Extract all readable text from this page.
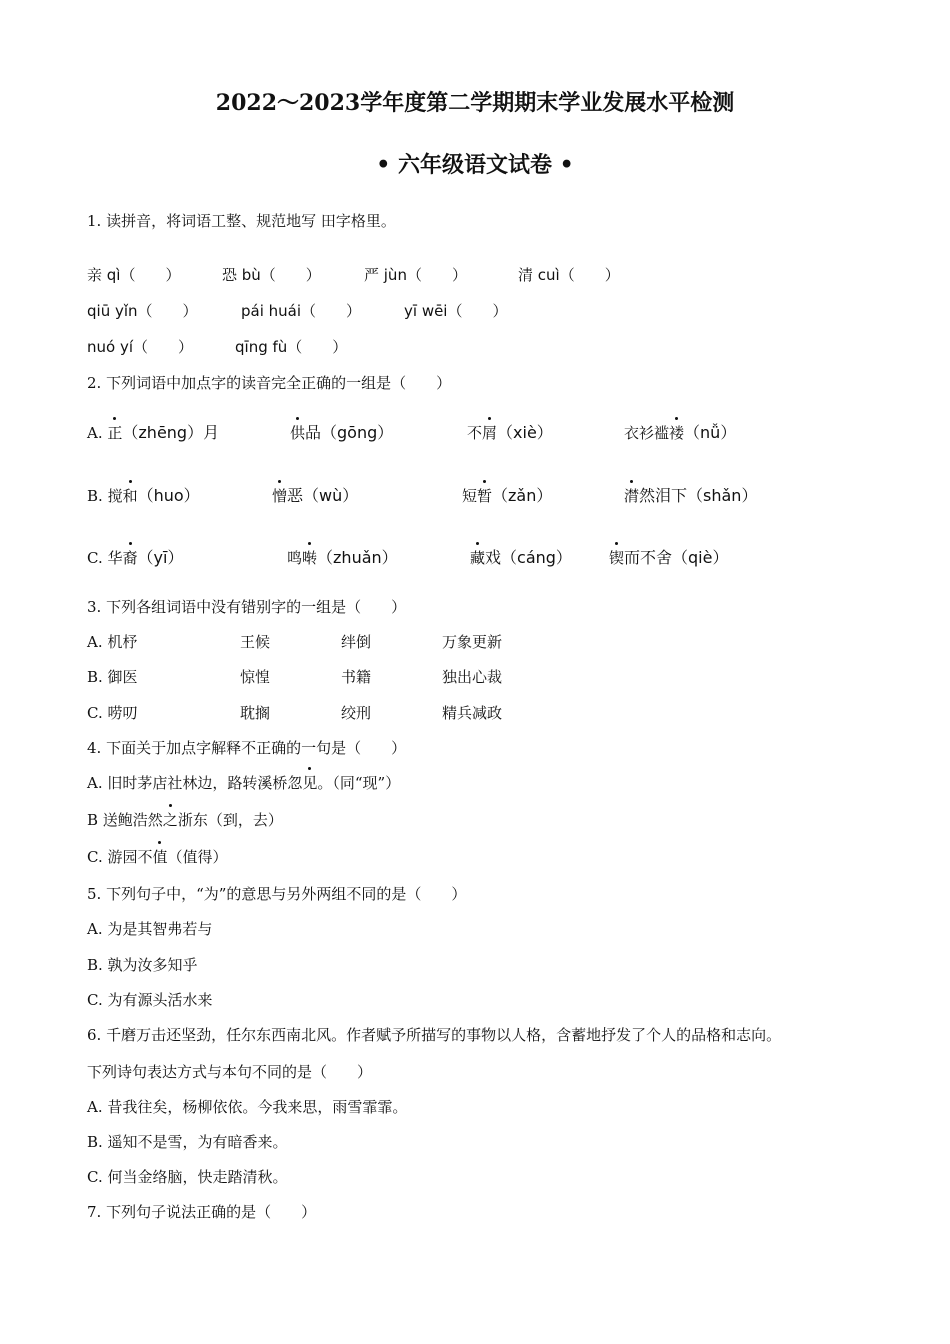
2022～2023学年度第二学期期末学业发展水平检测
• 六年级语文试卷 •
1. 读拼音，将词语工整、规范地写 田字格里。
亲 qì（　　）	恐 bù（　　）	严 jùn（　　）	清 cuì（　　）
qiū yǐn（　　）	pái huái（　　）	yī wēi（　　）
nuó yí（　　）	qīng fù（　　）
2. 下列词语中加点字的读音完全正确的一组是（　　）
A. 正（zhēng）月	供品（gōng）	不屑（xiè）	衣衫褴褛（nǚ）
B. 搅和（huo）	憎恶（wù）	短暂（zǎn）	潸然泪下（shǎn）
C. 华裔（yī）	鸣啭（zhuǎn）	藏戏（cáng） 锲而不舍（qiè）
3. 下列各组词语中没有错别字的一组是（　　）
A. 机杼	王候	绊倒	万象更新
B. 御医	惊惶	书籍	独出心裁
C. 唠叨	耽搁	绞刑	精兵减政
4. 下面关于加点字解释不正确的一句是（　　）
A. 旧时茅店社林边，路转溪桥忽见。（同“现”）
B 送鲍浩然之浙东（到，去）
C. 游园不值（值得）
5. 下列句子中，“为”的意思与另外两组不同的是（　　）
A. 为是其智弗若与
B. 孰为汝多知乎
C. 为有源头活水来
6. 千磨万击还坚劲，任尔东西南北风。作者赋予所描写的事物以人格，含蓄地抒发了个人的品格和志向。
下列诗句表达方式与本句不同的是（　　）
A. 昔我往矣，杨柳依依。今我来思，雨雪霏霏。
B. 遥知不是雪，为有暗香来。
C. 何当金络脑，快走踏清秋。
7. 下列句子说法正确的是（　　）
